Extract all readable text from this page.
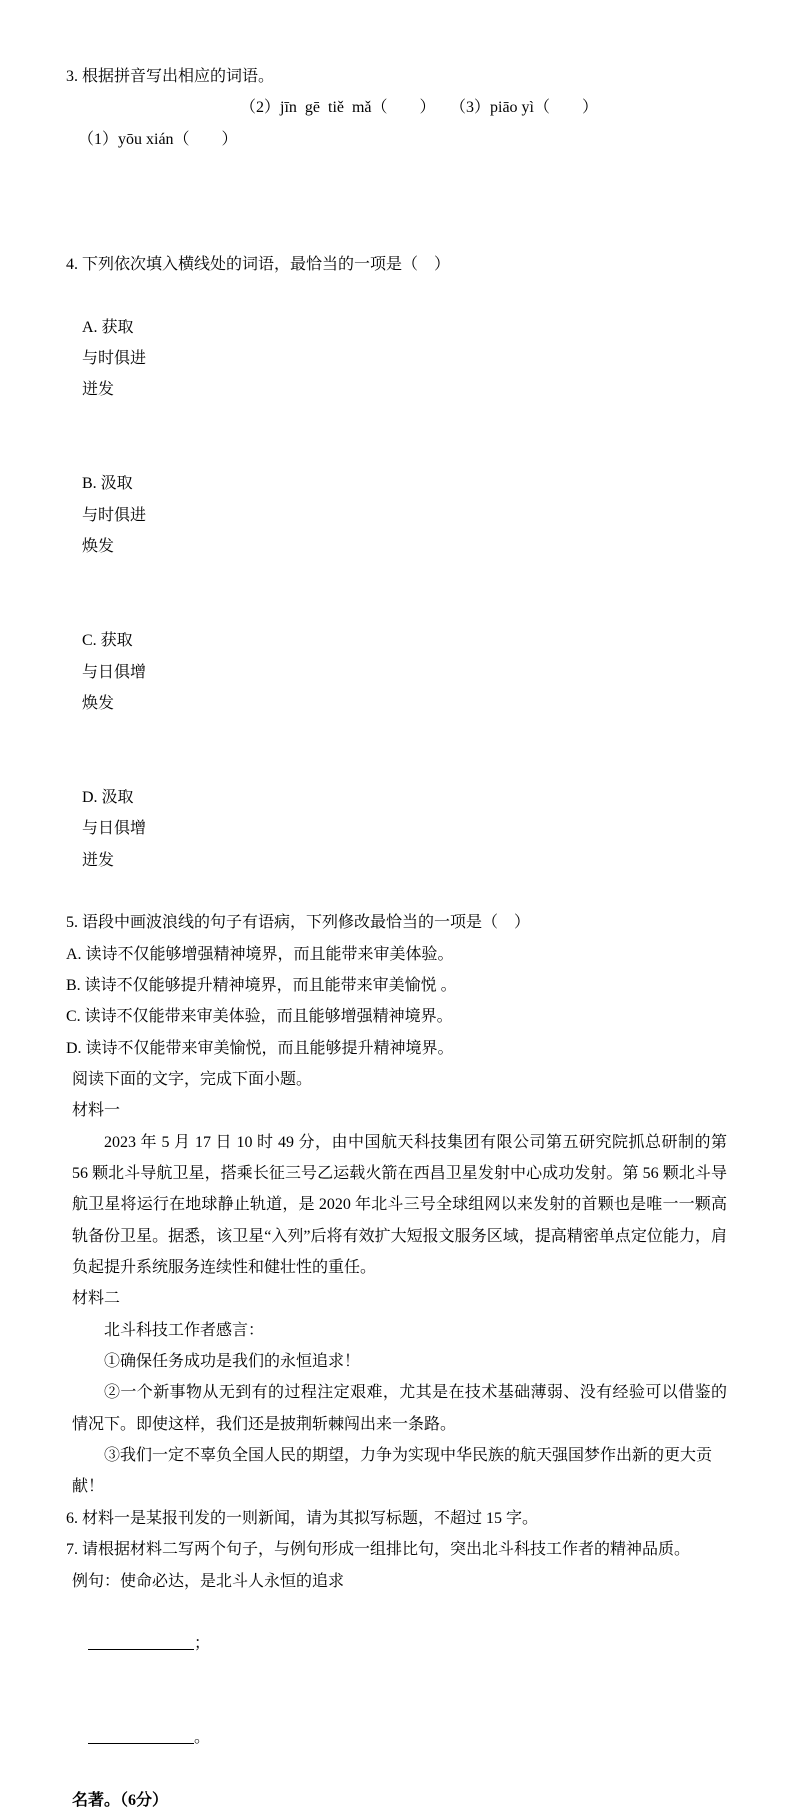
3. 根据拼音写出相应的词语。

（1）yōu xián（　　）

（2）jīn  gē  tiě  mǎ（　　）

（3）piāo yì（　　）

4. 下列依次填入横线处的词语，最恰当的一项是（　）

A. 获取
与时俱进
迸发

B. 汲取
与时俱进
焕发

C. 获取
与日俱增
焕发

D. 汲取
与日俱增
迸发

5. 语段中画波浪线的句子有语病，下列修改最恰当的一项是（　）

A. 读诗不仅能够增强精神境界，而且能带来审美体验。

B. 读诗不仅能够提升精神境界，而且能带来审美愉悦 。

C. 读诗不仅能带来审美体验，而且能够增强精神境界。

D. 读诗不仅能带来审美愉悦，而且能够提升精神境界。

阅读下面的文字，完成下面小题。

材料一

2023 年 5 月 17 日 10 时 49 分，由中国航天科技集团有限公司第五研究院抓总研制的第 56 颗北斗导航卫星，搭乘长征三号乙运载火箭在西昌卫星发射中心成功发射。第 56 颗北斗导航卫星将运行在地球静止轨道，是 2020 年北斗三号全球组网以来发射的首颗也是唯一一颗高轨备份卫星。据悉，该卫星“入列”后将有效扩大短报文服务区域，提高精密单点定位能力，肩负起提升系统服务连续性和健壮性的重任。

材料二

北斗科技工作者感言：

①确保任务成功是我们的永恒追求！

②一个新事物从无到有的过程注定艰难，尤其是在技术基础薄弱、没有经验可以借鉴的情况下。即使这样，我们还是披荆斩棘闯出来一条路。

③我们一定不辜负全国人民的期望，力争为实现中华民族的航天强国梦作出新的更大贡献！

6. 材料一是某报刊发的一则新闻，请为其拟写标题，不超过 15 字。

7. 请根据材料二写两个句子，与例句形成一组排比句，突出北斗科技工作者的精神品质。

例句：使命必达，是北斗人永恒的追求

；

。

名著。（6分）
